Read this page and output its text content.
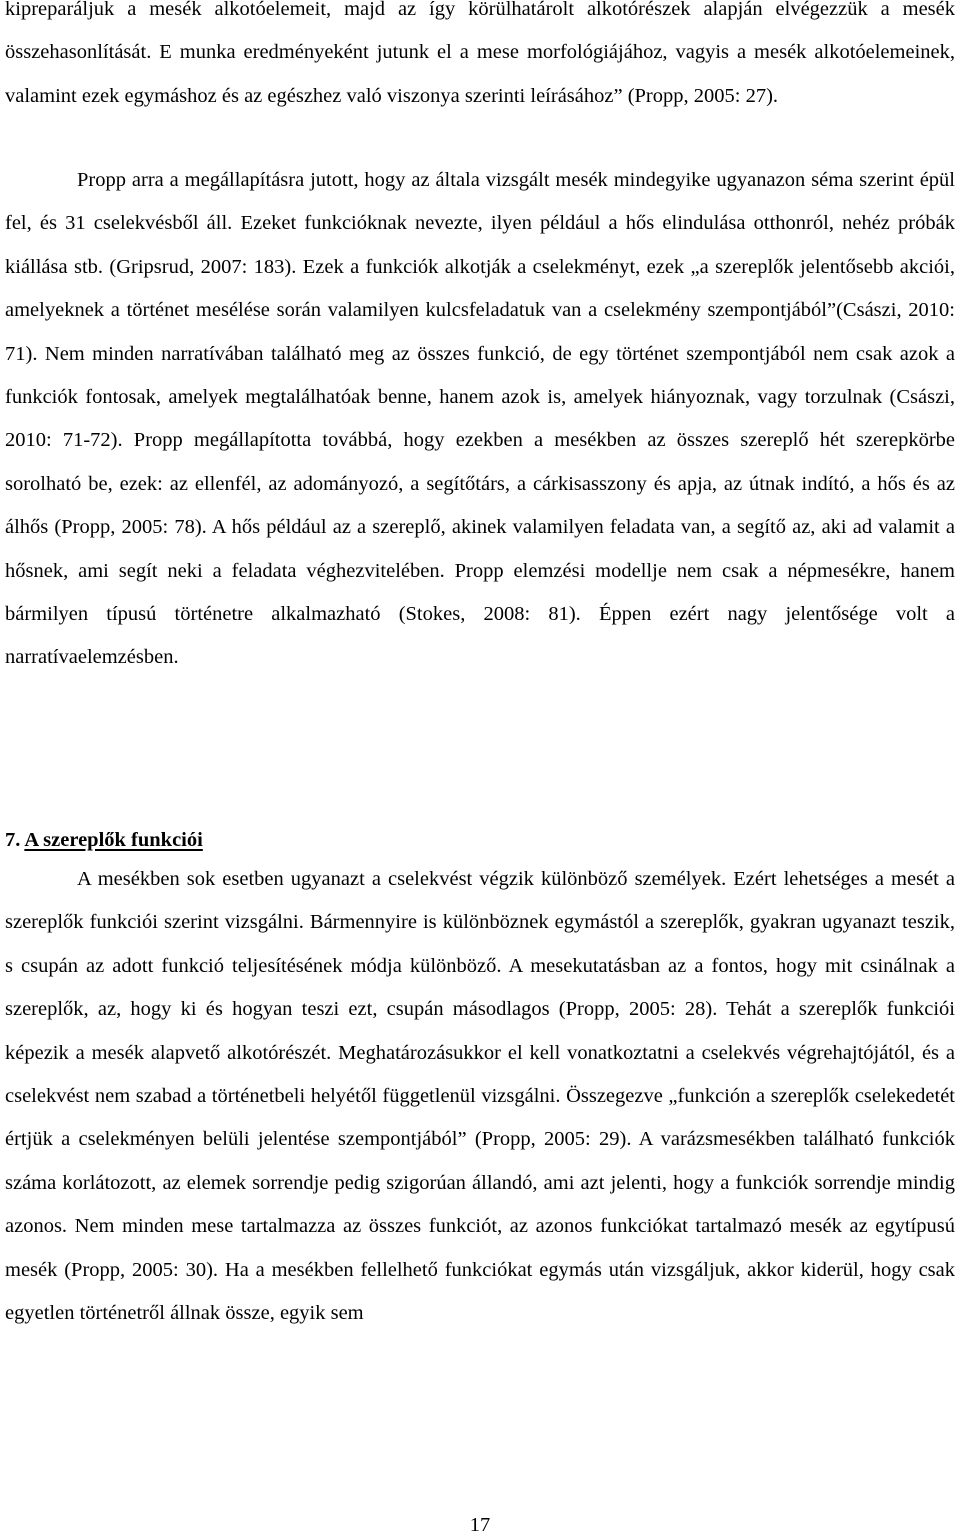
kipreparáljuk a mesék alkotóelemeit, majd az így körülhatárolt alkotórészek alapján elvégezzük a mesék összehasonlítását. E munka eredményeként jutunk el a mese morfológiájához, vagyis a mesék alkotóelemeinek, valamint ezek egymáshoz és az egészhez való viszonya szerinti leírásához” (Propp, 2005: 27).

Propp arra a megállapításra jutott, hogy az általa vizsgált mesék mindegyike ugyanazon séma szerint épül fel, és 31 cselekvésből áll. Ezeket funkcióknak nevezte, ilyen például a hős elindulása otthonról, nehéz próbák kiállása stb. (Gripsrud, 2007: 183). Ezek a funkciók alkotják a cselekményt, ezek „a szereplők jelentősebb akciói, amelyeknek a történet mesélése során valamilyen kulcsfeladatuk van a cselekmény szempontjából”(Császi, 2010: 71). Nem minden narratívában található meg az összes funkció, de egy történet szempontjából nem csak azok a funkciók fontosak, amelyek megtalálhatóak benne, hanem azok is, amelyek hiányoznak, vagy torzulnak (Császi, 2010: 71-72). Propp megállapította továbbá, hogy ezekben a mesékben az összes szereplő hét szerepkörbe sorolható be, ezek: az ellenfél, az adományozó, a segítőtárs, a cárkisasszony és apja, az útnak indító, a hős és az álhős (Propp, 2005: 78). A hős például az a szereplő, akinek valamilyen feladata van, a segítő az, aki ad valamit a hősnek, ami segít neki a feladata véghezvitelében. Propp elemzési modellje nem csak a népmesékre, hanem bármilyen típusú történetre alkalmazható (Stokes, 2008: 81). Éppen ezért nagy jelentősége volt a narratívaelemzésben.

7. A szereplők funkciói

A mesékben sok esetben ugyanazt a cselekvést végzik különböző személyek. Ezért lehetséges a mesét a szereplők funkciói szerint vizsgálni. Bármennyire is különböznek egymástól a szereplők, gyakran ugyanazt teszik, s csupán az adott funkció teljesítésének módja különböző. A mesekutatásban az a fontos, hogy mit csinálnak a szereplők, az, hogy ki és hogyan teszi ezt, csupán másodlagos (Propp, 2005: 28). Tehát a szereplők funkciói képezik a mesék alapvető alkotórészét. Meghatározásukkor el kell vonatkoztatni a cselekvés végrehajtójától, és a cselekvést nem szabad a történetbeli helyétől függetlenül vizsgálni. Összegezve „funkción a szereplők cselekedetét értjük a cselekményen belüli jelentése szempontjából” (Propp, 2005: 29). A varázsmesékben található funkciók száma korlátozott, az elemek sorrendje pedig szigorúan állandó, ami azt jelenti, hogy a funkciók sorrendje mindig azonos. Nem minden mese tartalmazza az összes funkciót, az azonos funkciókat tartalmazó mesék az egytípusú mesék (Propp, 2005: 30). Ha a mesékben fellelhető funkciókat egymás után vizsgáljuk, akkor kiderül, hogy csak egyetlen történetről állnak össze, egyik sem

17
